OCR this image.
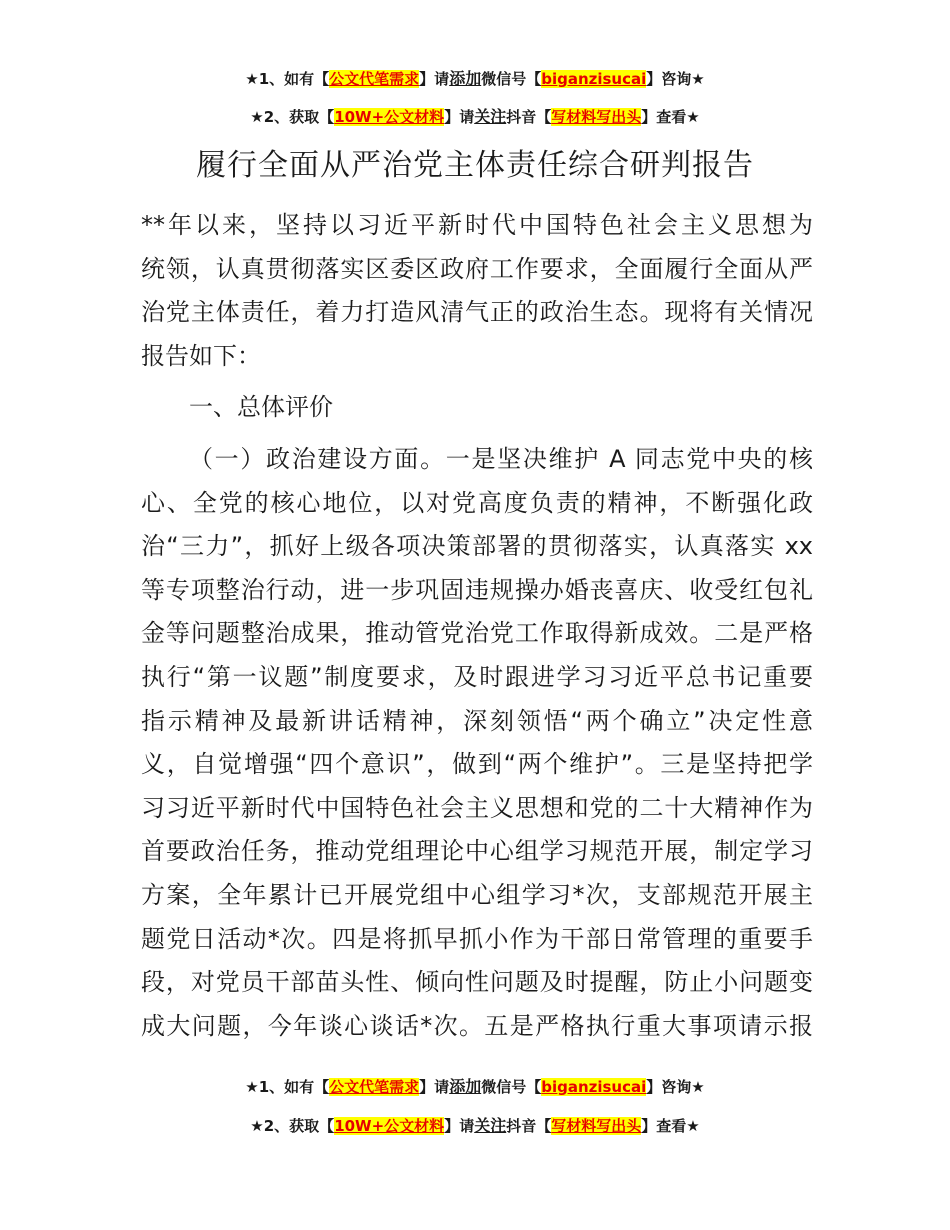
★1、如有【公文代笔需求】请添加微信号【biganzisucai】咨询★
★2、获取【10W+公文材料】请关注抖音【写材料写出头】查看★
履行全面从严治党主体责任综合研判报告
**年以来，坚持以习近平新时代中国特色社会主义思想为
统领，认真贯彻落实区委区政府工作要求，全面履行全面从严
治党主体责任，着力打造风清气正的政治生态。现将有关情况
报告如下：
一、总体评价
（一）政治建设方面。一是坚决维护 A 同志党中央的核
心、全党的核心地位，以对党高度负责的精神，不断强化政
治“三力”，抓好上级各项决策部署的贯彻落实，认真落实 xx
等专项整治行动，进一步巩固违规操办婚丧喜庆、收受红包礼
金等问题整治成果，推动管党治党工作取得新成效。二是严格
执行“第一议题”制度要求，及时跟进学习习近平总书记重要
指示精神及最新讲话精神，深刻领悟“两个确立”决定性意
义，自觉增强“四个意识”，做到“两个维护”。三是坚持把学
习习近平新时代中国特色社会主义思想和党的二十大精神作为
首要政治任务，推动党组理论中心组学习规范开展，制定学习
方案，全年累计已开展党组中心组学习*次，支部规范开展主
题党日活动*次。四是将抓早抓小作为干部日常管理的重要手
段，对党员干部苗头性、倾向性问题及时提醒，防止小问题变
成大问题，今年谈心谈话*次。五是严格执行重大事项请示报
★1、如有【公文代笔需求】请添加微信号【biganzisucai】咨询★
★2、获取【10W+公文材料】请关注抖音【写材料写出头】查看★
